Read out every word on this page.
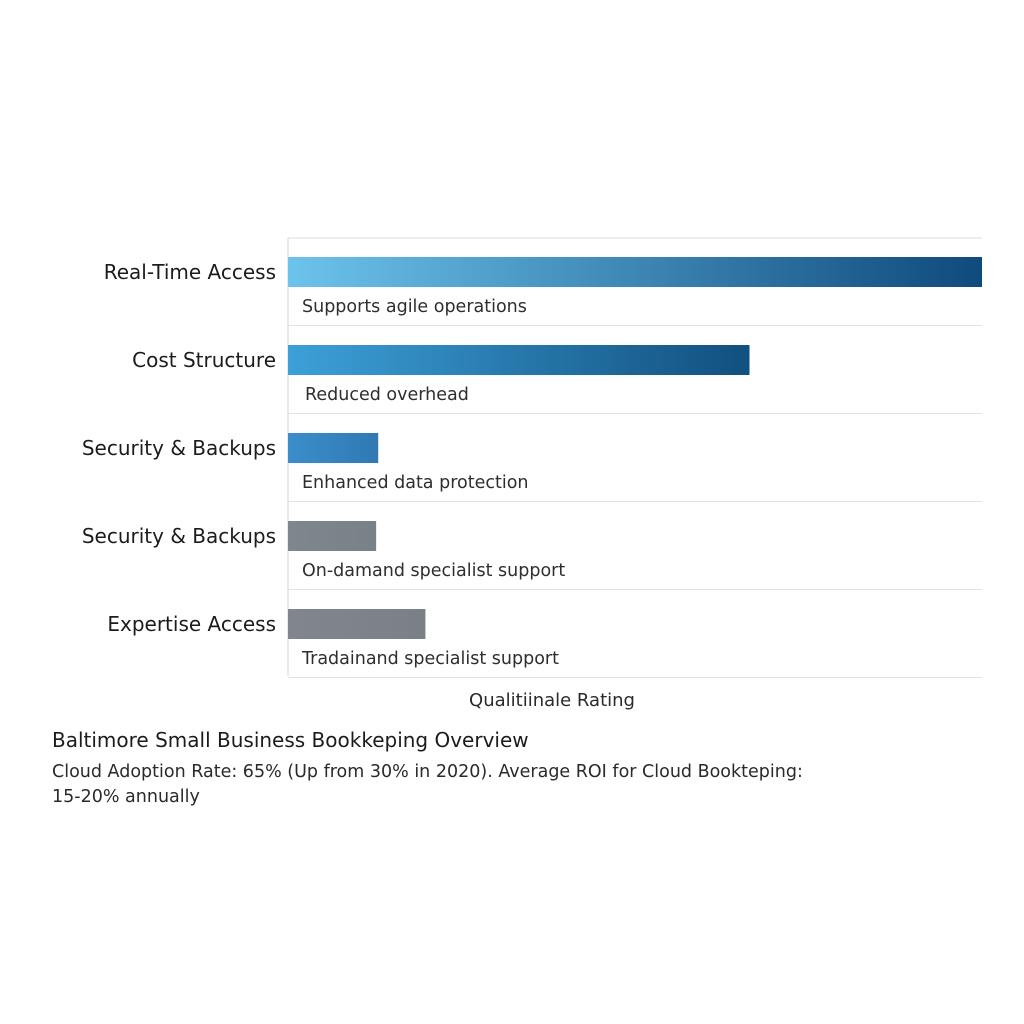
Real-Time Access
Cost Structure
Security & Backups
Security & Backups
Expertise Access
Supports agile operations
Reduced overhead
Enhanced data protection
On-damand specialist support
Tradainand specialist support
Qualitiinale Rating

Baltimore Small Business Bookkeping Overview

Cloud Adoption Rate: 65% (Up from 30% in 2020). Average ROI for Cloud Bookteping: 15-20% annually
